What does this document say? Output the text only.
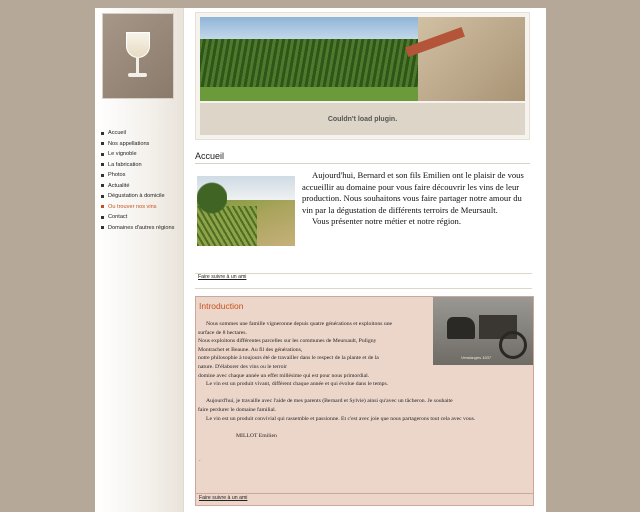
Accueil
Nos appellations
Le vignoble
La fabrication
Photos
Actualité
Dégustation à domicile
Ou trouver nos vins
Contact
Domaines d'autres régions
Couldn't load plugin.
Accueil

Aujourd'hui, Bernard et son fils Emilien ont le plaisir de vous accueillir au domaine pour vous faire découvrir les vins de leur production. Nous souhaitons vous faire partager notre amour du vin par la dégustation de différents terroirs de Meursault.

Vous présenter notre métier et notre région.

Faire suivre à un ami
Introduction
Vendanges 1937
Nous sommes une famille vigneronne depuis quatre générations et exploitons une
surface de 8 hectares.
Nous exploitons différentes parcelles sur les communes de Meursault, Puligny
Montrachet et Beaune. Au fil des générations,
notre philosophie à toujours été de travailler dans le respect de la plante et de la
nature. D'élaborer des vins ou le terroir
domine avec chaque année un effet millésime qui est pour nous primordial.
Le vin est un produit vivant, différent chaque année et qui évolue dans le temps.

Aujourd'hui, je travaille avec l'aide de mes parents (Bernard et Sylvie) ainsi qu'avec un tâcheron. Je souhaite
faire perdurer le domaine familial.
Le vin est un produit convivial qui rassemble et passionne. Et c'est avec joie que nous partagerons tout cela avec vous.

MILLOT Emilien
.
Faire suivre à un ami
